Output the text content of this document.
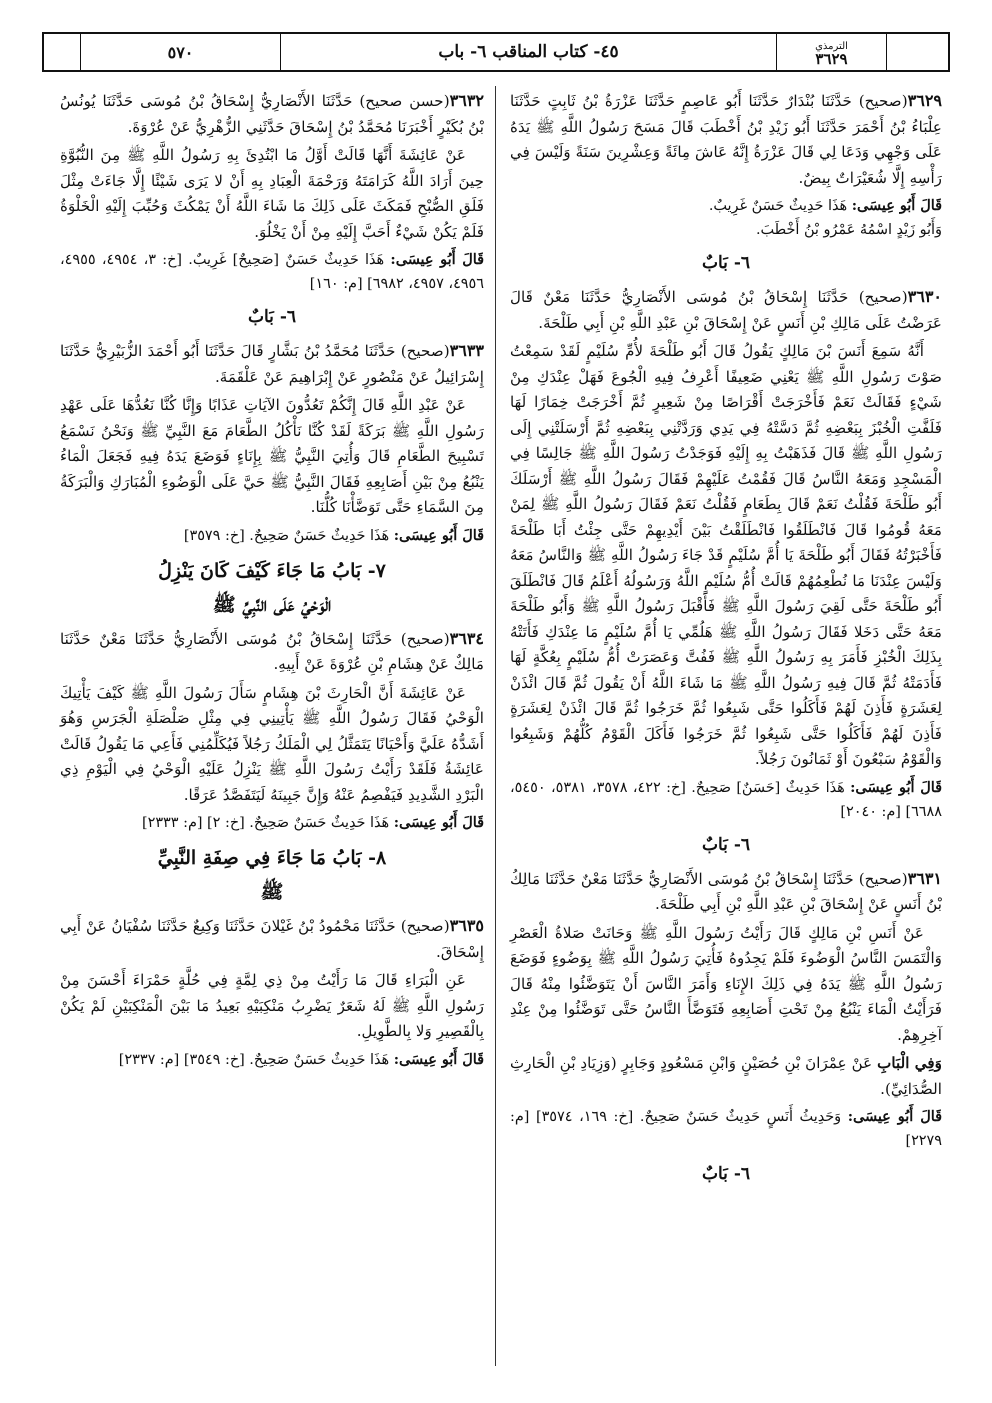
الترمذي
٣٦٢٩
٤٥- كتاب المناقب ٦- باب
٥٧٠

٣٦٢٩(صحيح) حَدَّثَنَا بُنْدَارٌ حَدَّثَنَا أَبُو عَاصِمٍ حَدَّثَنَا عَزْرَةُ بْنُ ثَابِتٍ حَدَّثَنَا عِلْبَاءُ بْنُ أَحْمَرَ حَدَّثَنَا أَبُو زَيْدِ بْنُ أَخْطَبَ قَالَ مَسَحَ رَسُولُ اللَّهِ ﷺ يَدَهُ عَلَى وَجْهِي وَدَعَا لِي قَالَ عَزْرَةُ إِنَّهُ عَاشَ مِائَةً وَعِشْرِينَ سَنَةً وَلَيْسَ فِي رَأْسِهِ إِلَّا شُعَيْرَاتٌ بِيضٌ.

قَالَ أَبُو عِيسَى: هَذَا حَدِيثٌ حَسَنٌ غَرِيبٌ.
وَأَبُو زَيْدٍ اسْمُهُ عَمْرُو بْنُ أَخْطَبَ.

٦- بَابٌ

٣٦٣٠(صحيح) حَدَّثَنَا إِسْحَاقُ بْنُ مُوسَى الأَنْصَارِيُّ حَدَّثَنَا مَعْنٌ قَالَ عَرَضْتُ عَلَى مَالِكِ بْنِ أَنَسٍ عَنْ إِسْحَاقَ بْنِ عَبْدِ اللَّهِ بْنِ أَبِي طَلْحَةَ.

أَنَّهُ سَمِعَ أَنَسَ بْنَ مَالِكٍ يَقُولُ قَالَ أَبُو طَلْحَةَ لأُمِّ سُلَيْمٍ لَقَدْ سَمِعْتُ صَوْتَ رَسُولِ اللَّهِ ﷺ يَعْنِي ضَعِيفًا أَعْرِفُ فِيهِ الْجُوعَ فَهَلْ عِنْدَكِ مِنْ شَيْءٍ فَقَالَتْ نَعَمْ فَأَخْرَجَتْ أَقْرَاصًا مِنْ شَعِيرٍ ثُمَّ أَخْرَجَتْ خِمَارًا لَهَا فَلَفَّتِ الْخُبْزَ بِبَعْضِهِ ثُمَّ دَسَّتْهُ فِي يَدِي وَرَدَّتْنِي بِبَعْضِهِ ثُمَّ أَرْسَلَتْنِي إِلَى رَسُولِ اللَّهِ ﷺ قَالَ فَذَهَبْتُ بِهِ إِلَيْهِ فَوَجَدْتُ رَسُولَ اللَّهِ ﷺ جَالِسًا فِي الْمَسْجِدِ وَمَعَهُ النَّاسُ قَالَ فَقُمْتُ عَلَيْهِمْ فَقَالَ رَسُولُ اللَّهِ ﷺ أَرْسَلَكَ أَبُو طَلْحَةَ فَقُلْتُ نَعَمْ قَالَ بِطَعَامٍ فَقُلْتُ نَعَمْ فَقَالَ رَسُولُ اللَّهِ ﷺ لِمَنْ مَعَهُ قُومُوا قَالَ فَانْطَلَقُوا فَانْطَلَقْتُ بَيْنَ أَيْدِيهِمْ حَتَّى جِئْتُ أَبَا طَلْحَةَ فَأَخْبَرْتُهُ فَقَالَ أَبُو طَلْحَةَ يَا أُمَّ سُلَيْمٍ قَدْ جَاءَ رَسُولُ اللَّهِ ﷺ وَالنَّاسُ مَعَهُ وَلَيْسَ عِنْدَنَا مَا نُطْعِمُهُمْ قَالَتْ أُمُّ سُلَيْمٍ اللَّهُ وَرَسُولُهُ أَعْلَمُ قَالَ فَانْطَلَقَ أَبُو طَلْحَةَ حَتَّى لَقِيَ رَسُولَ اللَّهِ ﷺ فَأَقْبَلَ رَسُولُ اللَّهِ ﷺ وَأَبُو طَلْحَةَ مَعَهُ حَتَّى دَخَلا فَقَالَ رَسُولُ اللَّهِ ﷺ هَلُمِّي يَا أُمَّ سُلَيْمٍ مَا عِنْدَكِ فَأَتَتْهُ بِذَلِكَ الْخُبْزِ فَأَمَرَ بِهِ رَسُولُ اللَّهِ ﷺ فَفُتَّ وَعَصَرَتْ أُمُّ سُلَيْمٍ بِعُكَّةٍ لَهَا فَأَدَمَتْهُ ثُمَّ قَالَ فِيهِ رَسُولُ اللَّهِ ﷺ مَا شَاءَ اللَّهُ أَنْ يَقُولَ ثُمَّ قَالَ ائْذَنْ لِعَشَرَةٍ فَأَذِنَ لَهُمْ فَأَكَلُوا حَتَّى شَبِعُوا ثُمَّ خَرَجُوا ثُمَّ قَالَ ائْذَنْ لِعَشَرَةٍ فَأَذِنَ لَهُمْ فَأَكَلُوا حَتَّى شَبِعُوا ثُمَّ خَرَجُوا فَأَكَلَ الْقَوْمُ كُلُّهُمْ وَشَبِعُوا وَالْقَوْمُ سَبْعُونَ أَوْ ثَمَانُونَ رَجُلاً.

قَالَ أَبُو عِيسَى: هَذَا حَدِيثٌ [حَسَنٌ] صَحِيحٌ. [خ: ٤٢٢، ٣٥٧٨، ٥٣٨١، ٥٤٥٠، ٦٦٨٨] [م: ٢٠٤٠]

٦- بَابٌ

٣٦٣١(صحيح) حَدَّثَنَا إِسْحَاقُ بْنُ مُوسَى الأَنْصَارِيُّ حَدَّثَنَا مَعْنٌ حَدَّثَنَا مَالِكُ بْنُ أَنَسٍ عَنْ إِسْحَاقَ بْنِ عَبْدِ اللَّهِ بْنِ أَبِي طَلْحَةَ.

عَنْ أَنَسِ بْنِ مَالِكٍ قَالَ رَأَيْتُ رَسُولَ اللَّهِ ﷺ وَحَانَتْ صَلاةُ الْعَصْرِ وَالْتَمَسَ النَّاسُ الْوَضُوءَ فَلَمْ يَجِدُوهُ فَأُتِيَ رَسُولُ اللَّهِ ﷺ بِوَضُوءٍ فَوَضَعَ رَسُولُ اللَّهِ ﷺ يَدَهُ فِي ذَلِكَ الإِنَاءِ وَأَمَرَ النَّاسَ أَنْ يَتَوَضَّئُوا مِنْهُ قَالَ فَرَأَيْتُ الْمَاءَ يَنْبُعُ مِنْ تَحْتِ أَصَابِعِهِ فَتَوَضَّأَ النَّاسُ حَتَّى تَوَضَّئُوا مِنْ عِنْدِ آخِرِهِمْ.

وَفِي الْبَابِ عَنْ عِمْرَانَ بْنِ حُصَيْنٍ وَابْنِ مَسْعُودٍ وَجَابِرٍ (وَزِيَادِ بْنِ الْحَارِثِ الصُّدَائِيِّ).

قَالَ أَبُو عِيسَى: وَحَدِيثُ أَنَسٍ حَدِيثٌ حَسَنٌ صَحِيحٌ. [خ: ١٦٩، ٣٥٧٤] [م: ٢٢٧٩]

٦- بَابٌ

٣٦٣٢(حسن صحيح) حَدَّثَنَا الأَنْصَارِيُّ إِسْحَاقُ بْنُ مُوسَى حَدَّثَنَا يُونُسُ بْنُ بُكَيْرٍ أَخْبَرَنَا مُحَمَّدُ بْنُ إِسْحَاقَ حَدَّثَنِي الزُّهْرِيُّ عَنْ عُرْوَةَ.

عَنْ عَائِشَةَ أَنَّهَا قَالَتْ أَوَّلُ مَا ابْتُدِئَ بِهِ رَسُولُ اللَّهِ ﷺ مِنَ النُّبُوَّةِ حِينَ أَرَادَ اللَّهُ كَرَامَتَهُ وَرَحْمَةَ الْعِبَادِ بِهِ أَنْ لا يَرَى شَيْئًا إِلَّا جَاءَتْ مِثْلَ فَلَقِ الصُّبْحِ فَمَكَثَ عَلَى ذَلِكَ مَا شَاءَ اللَّهُ أَنْ يَمْكُثَ وَحُبِّبَ إِلَيْهِ الْخَلْوَةُ فَلَمْ يَكُنْ شَيْءٌ أَحَبَّ إِلَيْهِ مِنْ أَنْ يَخْلُوَ.

قَالَ أَبُو عِيسَى: هَذَا حَدِيثٌ حَسَنٌ [صَحِيحٌ] غَرِيبٌ. [خ: ٣، ٤٩٥٤، ٤٩٥٥، ٤٩٥٦، ٤٩٥٧، ٦٩٨٢] [م: ١٦٠]

٦- بَابٌ

٣٦٣٣(صحيح) حَدَّثَنَا مُحَمَّدُ بْنُ بَشَّارٍ قَالَ حَدَّثَنَا أَبُو أَحْمَدَ الزُّبَيْرِيُّ حَدَّثَنَا إِسْرَائِيلُ عَنْ مَنْصُورٍ عَنْ إِبْرَاهِيمَ عَنْ عَلْقَمَةَ.

عَنْ عَبْدِ اللَّهِ قَالَ إِنَّكُمْ تَعُدُّونَ الآيَاتِ عَذَابًا وَإِنَّا كُنَّا نَعُدُّهَا عَلَى عَهْدِ رَسُولِ اللَّهِ ﷺ بَرَكَةً لَقَدْ كُنَّا نَأْكُلُ الطَّعَامَ مَعَ النَّبِيِّ ﷺ وَنَحْنُ نَسْمَعُ تَسْبِيحَ الطَّعَامِ قَالَ وَأُتِيَ النَّبِيُّ ﷺ بِإِنَاءٍ فَوَضَعَ يَدَهُ فِيهِ فَجَعَلَ الْمَاءُ يَنْبُعُ مِنْ بَيْنِ أَصَابِعِهِ فَقَالَ النَّبِيُّ ﷺ حَيَّ عَلَى الْوَضُوءِ الْمُبَارَكِ وَالْبَرَكَةُ مِنَ السَّمَاءِ حَتَّى تَوَضَّأْنَا كُلُّنَا.

قَالَ أَبُو عِيسَى: هَذَا حَدِيثٌ حَسَنٌ صَحِيحٌ. [خ: ٣٥٧٩]

٧- بَابُ مَا جَاءَ كَيْفَ كَانَ يَنْزِلُ
الْوَحْيُ عَلَى النَّبِيِّ ﷺ

٣٦٣٤(صحيح) حَدَّثَنَا إِسْحَاقُ بْنُ مُوسَى الأَنْصَارِيُّ حَدَّثَنَا مَعْنٌ حَدَّثَنَا مَالِكٌ عَنْ هِشَامِ بْنِ عُرْوَةَ عَنْ أَبِيهِ.

عَنْ عَائِشَةَ أَنَّ الْحَارِثَ بْنَ هِشَامٍ سَأَلَ رَسُولَ اللَّهِ ﷺ كَيْفَ يَأْتِيكَ الْوَحْيُ فَقَالَ رَسُولُ اللَّهِ ﷺ يَأْتِينِي فِي مِثْلِ صَلْصَلَةِ الْجَرَسِ وَهُوَ أَشَدُّهُ عَلَيَّ وَأَحْيَانًا يَتَمَثَّلُ لِي الْمَلَكُ رَجُلاً فَيُكَلِّمُنِي فَأَعِي مَا يَقُولُ قَالَتْ عَائِشَةُ فَلَقَدْ رَأَيْتُ رَسُولَ اللَّهِ ﷺ يَنْزِلُ عَلَيْهِ الْوَحْيُ فِي الْيَوْمِ ذِي الْبَرْدِ الشَّدِيدِ فَيَفْصِمُ عَنْهُ وَإِنَّ جَبِينَهُ لَيَتَفَصَّدُ عَرَقًا.

قَالَ أَبُو عِيسَى: هَذَا حَدِيثٌ حَسَنٌ صَحِيحٌ. [خ: ٢] [م: ٢٣٣٣]

٨- بَابُ مَا جَاءَ فِي صِفَةِ النَّبِيِّ
ﷺ

٣٦٣٥(صحيح) حَدَّثَنَا مَحْمُودُ بْنُ غَيْلانَ حَدَّثَنَا وَكِيعٌ حَدَّثَنَا سُفْيَانُ عَنْ أَبِي إِسْحَاقَ.

عَنِ الْبَرَاءِ قَالَ مَا رَأَيْتُ مِنْ ذِي لِمَّةٍ فِي حُلَّةٍ حَمْرَاءَ أَحْسَنَ مِنْ رَسُولِ اللَّهِ ﷺ لَهُ شَعَرٌ يَضْرِبُ مَنْكِبَيْهِ بَعِيدُ مَا بَيْنَ الْمَنْكِبَيْنِ لَمْ يَكُنْ بِالْقَصِيرِ وَلا بِالطَّوِيلِ.

قَالَ أَبُو عِيسَى: هَذَا حَدِيثٌ حَسَنٌ صَحِيحٌ. [خ: ٣٥٤٩] [م: ٢٣٣٧]
